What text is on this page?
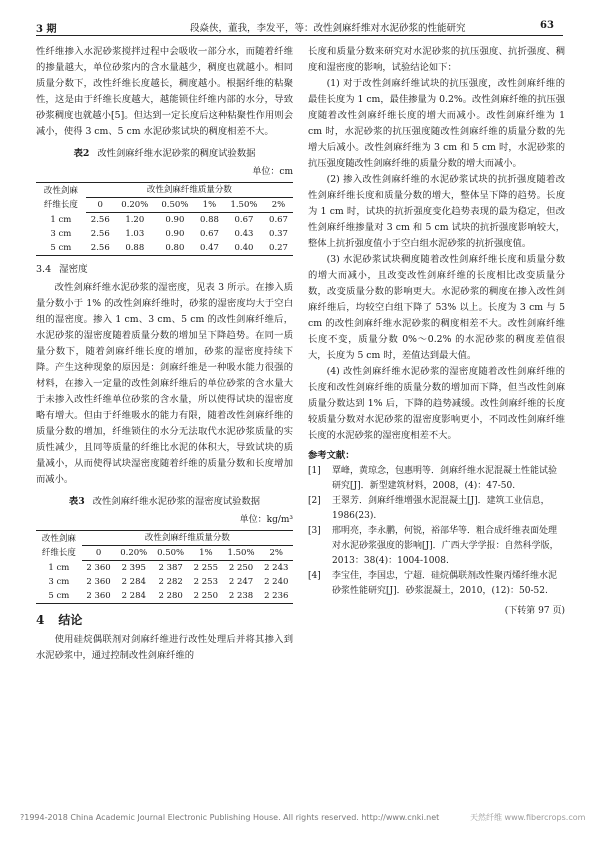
3 期	段焱侠，董我，李发平，等：改性剑麻纤维对水泥砂浆的性能研究	63

性纤维掺入水泥砂浆搅拌过程中会吸收一部分水，而随着纤维的掺量越大，单位砂浆内的含水量越少，稠度也就越小。相同质量分数下，改性纤维长度越长，稠度越小。根据纤维的粘聚性，这是由于纤维长度越大，越能锁住纤维内部的水分，导致砂浆稠度也就越小[5]。但达到一定长度后这种粘聚性作用则会减小，使得 3 cm、5 cm 水泥砂浆试块的稠度相差不大。

表2 改性剑麻纤维水泥砂浆的稠度试验数据
单位：cm
改性剑麻
纤维长度	改性剑麻纤维质量分数					
	0	0.20%	0.50%	1%	1.50%	2%
1 cm	2.56	1.20	0.90	0.88	0.67	0.67
3 cm	2.56	1.03	0.90	0.67	0.43	0.37
5 cm	2.56	0.88	0.80	0.47	0.40	0.27
3.4 湿密度

改性剑麻纤维水泥砂浆的湿密度，见表 3 所示。在掺入质量分数小于 1% 的改性剑麻纤维时，砂浆的湿密度均大于空白组的湿密度。掺入 1 cm、3 cm、5 cm 的改性剑麻纤维后，水泥砂浆的湿密度随着质量分数的增加呈下降趋势。在同一质量分数下，随着剑麻纤维长度的增加，砂浆的湿密度持续下降。产生这种现象的原因是：剑麻纤维是一种吸水能力很强的材料，在掺入一定量的改性剑麻纤维后的单位砂浆的含水量大于未掺入改性纤维单位砂浆的含水量，所以使得试块的湿密度略有增大。但由于纤维吸水的能力有限，随着改性剑麻纤维的质量分数的增加，纤维锁住的水分无法取代水泥砂浆质量的实质性减少，且同等质量的纤维比水泥的体积大，导致试块的质量减小，从而使得试块湿密度随着纤维的质量分数和长度增加而减小。

表3 改性剑麻纤维水泥砂浆的湿密度试验数据
单位：kg/m³
改性剑麻
纤维长度	改性剑麻纤维质量分数					
	0	0.20%	0.50%	1%	1.50%	2%
1 cm	2 360	2 395	2 387	2 255	2 250	2 243
3 cm	2 360	2 284	2 282	2 253	2 247	2 240
5 cm	2 360	2 284	2 280	2 250	2 238	2 236
4 结论

使用硅烷偶联剂对剑麻纤维进行改性处理后并将其掺入到水泥砂浆中，通过控制改性剑麻纤维的

长度和质量分数来研究对水泥砂浆的抗压强度、抗折强度、稠度和湿密度的影响，试验结论如下：

(1) 对于改性剑麻纤维试块的抗压强度，改性剑麻纤维的最佳长度为 1 cm，最佳掺量为 0.2%。改性剑麻纤维的抗压强度随着改性剑麻纤维长度的增大而减小。改性剑麻纤维为 1 cm 时，水泥砂浆的抗压强度随改性剑麻纤维的质量分数的先增大后减小。改性剑麻纤维为 3 cm 和 5 cm 时，水泥砂浆的抗压强度随改性剑麻纤维的质量分数的增大而减小。

(2) 掺入改性剑麻纤维的水泥砂浆试块的抗折强度随着改性剑麻纤维长度和质量分数的增大，整体呈下降的趋势。长度为 1 cm 时，试块的抗折强度变化趋势表现的最为稳定，但改性剑麻纤维掺量对 3 cm 和 5 cm 试块的抗折强度影响较大，整体上抗折强度值小于空白组水泥砂浆的抗折强度值。

(3) 水泥砂浆试块稠度随着改性剑麻纤维长度和质量分数的增大而减小，且改变改性剑麻纤维的长度相比改变质量分数，改变质量分数的影响更大。水泥砂浆的稠度在掺入改性剑麻纤维后，均较空白组下降了 53% 以上。长度为 3 cm 与 5 cm 的改性剑麻纤维水泥砂浆的稠度相差不大。改性剑麻纤维长度不变，质量分数 0%～0.2% 的水泥砂浆的稠度差值很大，长度为 5 cm 时，差值达到最大值。

(4) 改性剑麻纤维水泥砂浆的湿密度随着改性剑麻纤维的长度和改性剑麻纤维的质量分数的增加而下降，但当改性剑麻质量分数达到 1% 后，下降的趋势减缓。改性剑麻纤维的长度较质量分数对水泥砂浆的湿密度影响更小，不同改性剑麻纤维长度的水泥砂浆的湿密度相差不大。

参考文献：
[1]	覃峰，黄琼念，包惠明等．剑麻纤维水泥混凝土性能试验研究[J]．新型建筑材料，2008，(4)：47-50.
[2]	王翠芳．剑麻纤维增强水泥混凝土[J]．建筑工业信息，1986(23).
[3]	邢明亮，李永鹏，何锐，裕部华等．粗合成纤维表面处理对水泥砂浆强度的影响[J]．广西大学学报：自然科学版，2013：38(4)：1004-1008.
[4]	李宝佳，李国忠，宁超．硅烷偶联剂改性聚丙烯纤维水泥砂浆性能研究[J]．砂浆混凝土，2010，(12)：50-52.
(下转第 97 页)
?1994-2018 China Academic Journal Electronic Publishing House. All rights reserved. http://www.cnki.net	天然纤维 www.fibercrops.com
